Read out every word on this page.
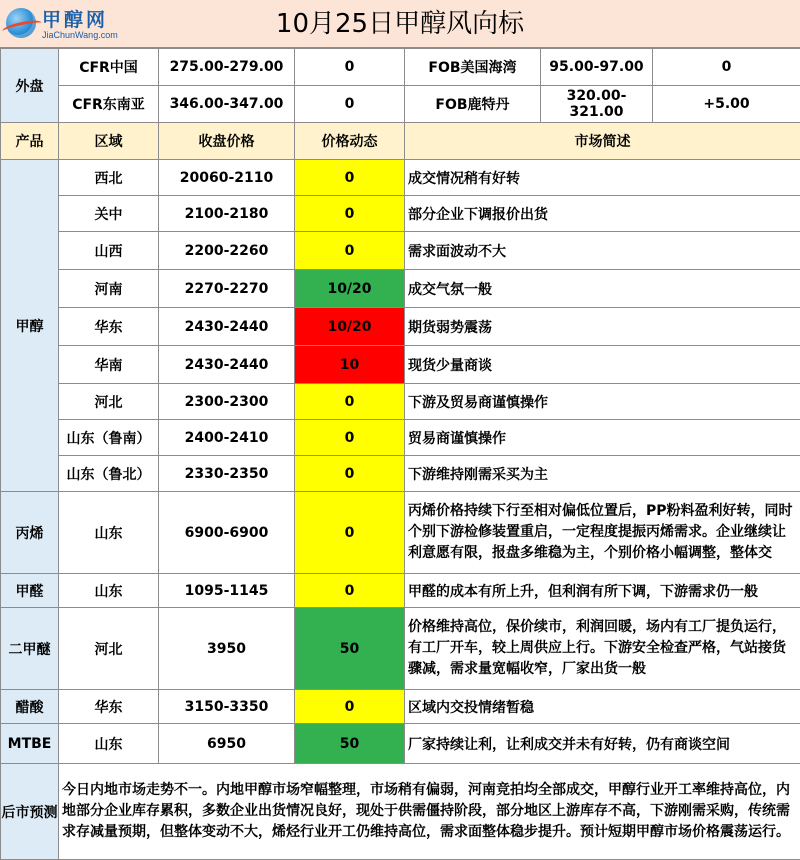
甲醇网
JiaChunWang.com	10月25日甲醇风向标
外盘	CFR中国	275.00-279.00	0	FOB美国海湾	95.00-97.00	0
	CFR东南亚	346.00-347.00	0	FOB鹿特丹	320.00-321.00	+5.00
产品	区域	收盘价格	价格动态	市场简述		
甲醇	西北	20060-2110	0	成交情况稍有好转		
	关中	2100-2180	0	部分企业下调报价出货		
	山西	2200-2260	0	需求面波动不大		
	河南	2270-2270	10/20	成交气氛一般		
	华东	2430-2440	10/20	期货弱势震荡		
	华南	2430-2440	10	现货少量商谈		
	河北	2300-2300	0	下游及贸易商谨慎操作		
	山东（鲁南）	2400-2410	0	贸易商谨慎操作		
	山东（鲁北）	2330-2350	0	下游维持刚需采买为主		
丙烯	山东	6900-6900	0	丙烯价格持续下行至相对偏低位置后，PP粉料盈利好转，同时个别下游检修装置重启，一定程度提振丙烯需求。企业继续让利意愿有限，报盘多维稳为主，个别价格小幅调整，整体交		
甲醛	山东	1095-1145	0	甲醛的成本有所上升，但利润有所下调，下游需求仍一般		
二甲醚	河北	3950	50	价格维持高位，保价续市，利润回暖，场内有工厂提负运行，有工厂开车，较上周供应上行。下游安全检查严格，气站接货骤减，需求量宽幅收窄，厂家出货一般		
醋酸	华东	3150-3350	0	区域内交投情绪暂稳		
MTBE	山东	6950	50	厂家持续让利，让利成交并未有好转，仍有商谈空间		
后市预测	今日内地市场走势不一。内地甲醇市场窄幅整理，市场稍有偏弱，河南竞拍均全部成交，甲醇行业开工率维持高位，内地部分企业库存累积，多数企业出货情况良好，现处于供需僵持阶段，部分地区上游库存不高，下游刚需采购，传统需求存减量预期，但整体变动不大，烯烃行业开工仍维持高位，需求面整体稳步提升。预计短期甲醇市场价格震荡运行。					
